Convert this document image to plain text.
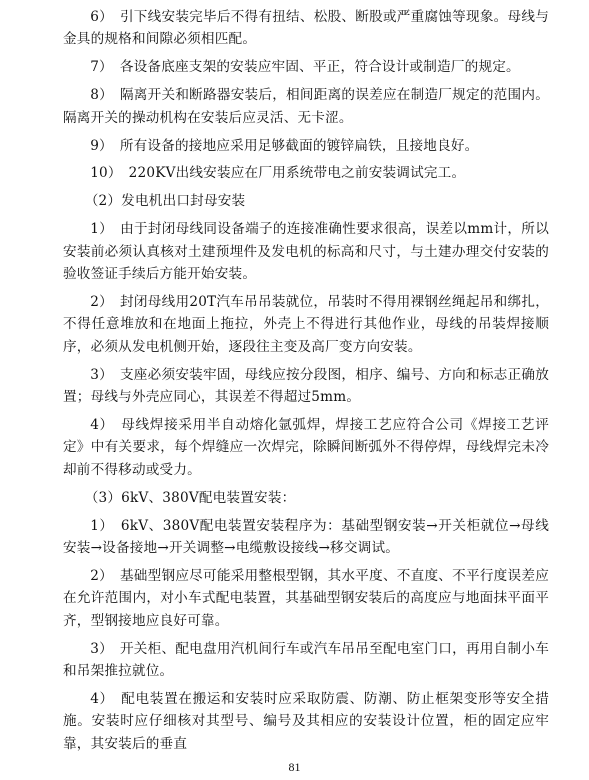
6）　引下线安装完毕后不得有扭结、松股、断股或严重腐蚀等现象。母线与金具的规格和间隙必须相匹配。

7）　各设备底座支架的安装应牢固、平正，符合设计或制造厂的规定。

8）　隔离开关和断路器安装后，相间距离的误差应在制造厂规定的范围内。隔离开关的操动机构在安装后应灵活、无卡涩。

9）　所有设备的接地应采用足够截面的镀锌扁铁，且接地良好。

10）　220KV出线安装应在厂用系统带电之前安装调试完工。

（2）发电机出口封母安装

1）　由于封闭母线同设备端子的连接准确性要求很高，误差以mm计，所以安装前必须认真核对土建预埋件及发电机的标高和尺寸，与土建办理交付安装的验收签证手续后方能开始安装。

2）　封闭母线用20T汽车吊吊装就位，吊装时不得用裸钢丝绳起吊和绑扎，不得任意堆放和在地面上拖拉，外壳上不得进行其他作业，母线的吊装焊接顺序，必须从发电机侧开始，逐段往主变及高厂变方向安装。

3）　支座必须安装牢固，母线应按分段图，相序、编号、方向和标志正确放置；母线与外壳应同心，其误差不得超过5mm。

4）　母线焊接采用半自动熔化氩弧焊，焊接工艺应符合公司《焊接工艺评定》中有关要求，每个焊缝应一次焊完，除瞬间断弧外不得停焊，母线焊完未冷却前不得移动或受力。

（3）6kV、380V配电装置安装：

1）　6kV、380V配电装置安装程序为：基础型钢安装→开关柜就位→母线安装→设备接地→开关调整→电缆敷设接线→移交调试。

2）　基础型钢应尽可能采用整根型钢，其水平度、不直度、不平行度误差应在允许范围内，对小车式配电装置，其基础型钢安装后的高度应与地面抹平面平齐，型钢接地应良好可靠。

3）　开关柜、配电盘用汽机间行车或汽车吊吊至配电室门口，再用自制小车和吊架推拉就位。

4）　配电装置在搬运和安装时应采取防震、防潮、防止框架变形等安全措施。安装时应仔细核对其型号、编号及其相应的安装设计位置，柜的固定应牢靠，其安装后的垂直

81
